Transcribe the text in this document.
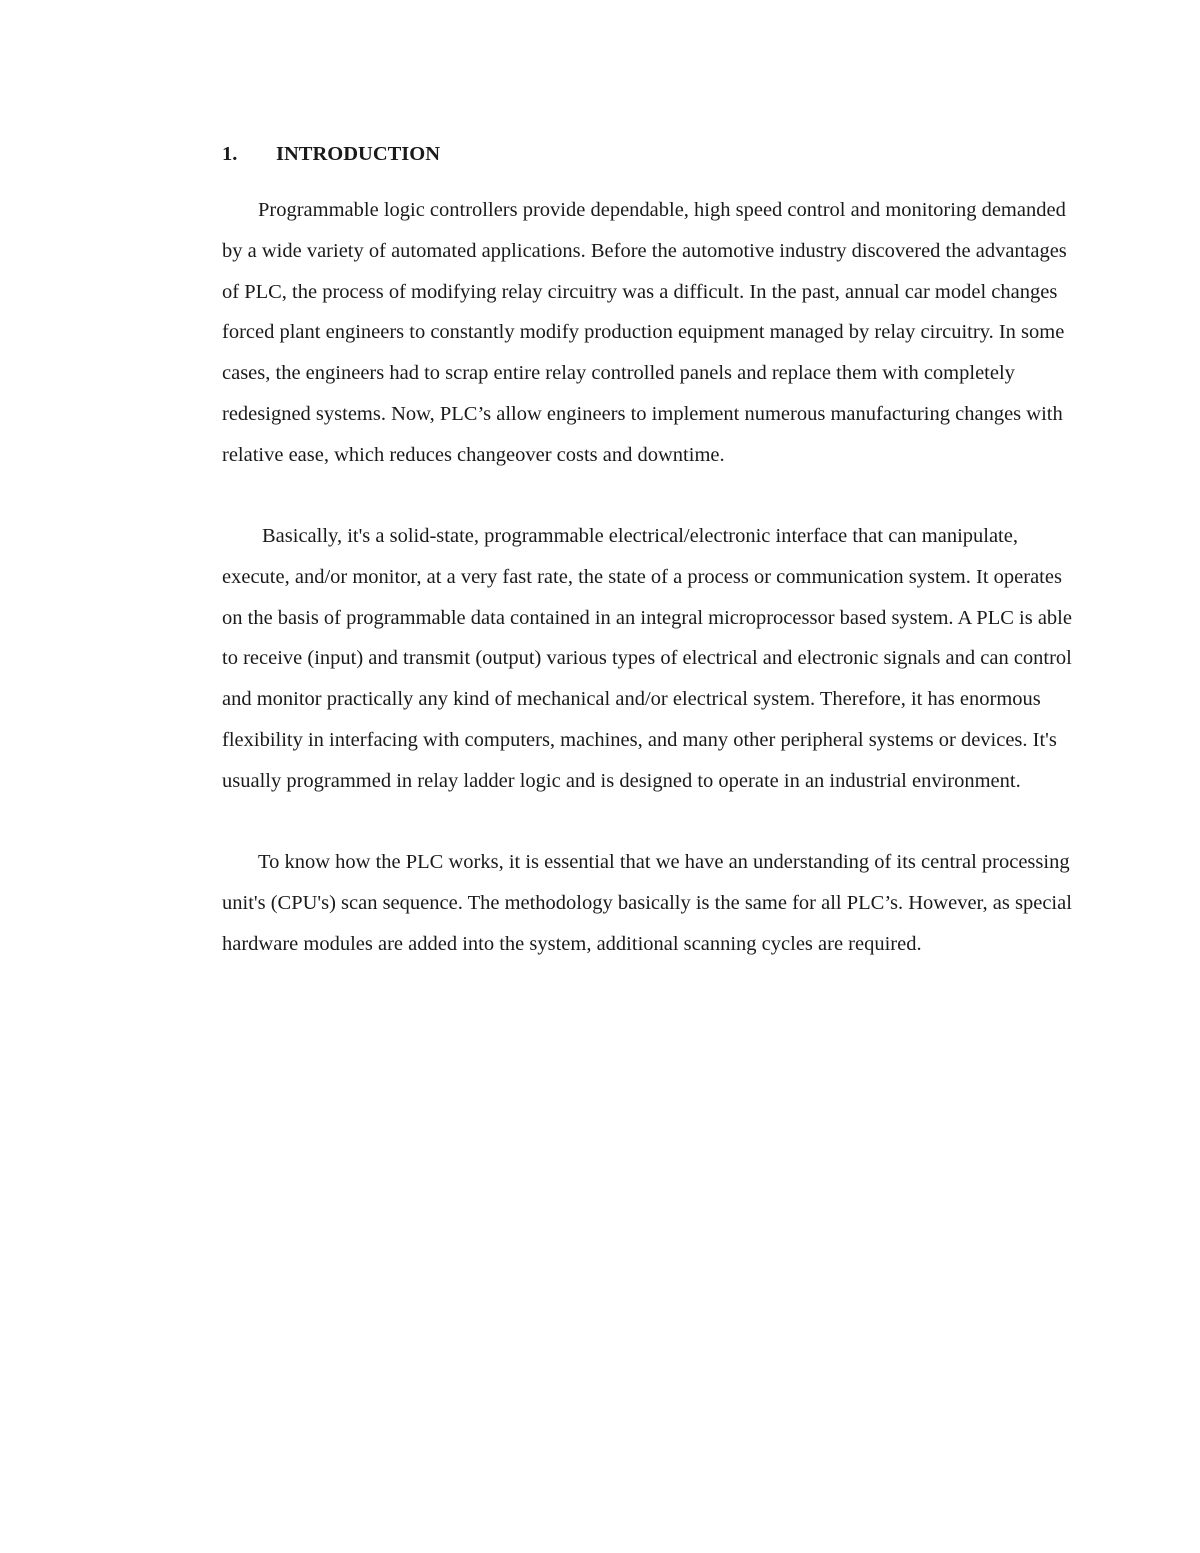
1.	INTRODUCTION

Programmable logic controllers provide dependable, high speed control and monitoring demanded by a wide variety of automated applications. Before the automotive industry discovered the advantages of PLC, the process of modifying relay circuitry was a difficult. In the past, annual car model changes forced plant engineers to constantly modify production equipment managed by relay circuitry. In some cases, the engineers had to scrap entire relay controlled panels and replace them with completely redesigned systems. Now, PLC’s allow engineers to implement numerous manufacturing changes with relative ease, which reduces changeover costs and downtime.

Basically, it's a solid-state, programmable electrical/electronic interface that can manipulate, execute, and/or monitor, at a very fast rate, the state of a process or communication system. It operates on the basis of programmable data contained in an integral microprocessor based system. A PLC is able to receive (input) and transmit (output) various types of electrical and electronic signals and can control and monitor practically any kind of mechanical and/or electrical system. Therefore, it has enormous flexibility in interfacing with computers, machines, and many other peripheral systems or devices. It's usually programmed in relay ladder logic and is designed to operate in an industrial environment.

To know how the PLC works, it is essential that we have an understanding of its central processing unit's (CPU's) scan sequence. The methodology basically is the same for all PLC’s. However, as special hardware modules are added into the system, additional scanning cycles are required.
